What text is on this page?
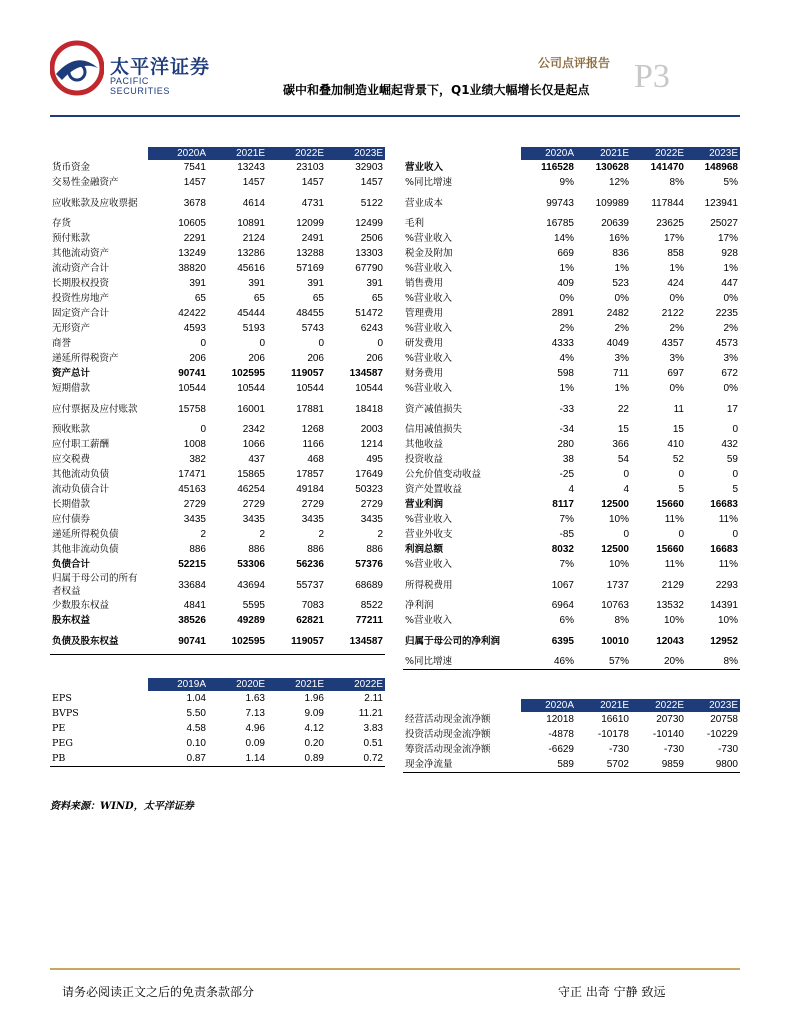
太平洋证券
PACIFIC SECURITIES
公司点评报告 P3
碳中和叠加制造业崛起背景下，Q1业绩大幅增长仅是起点
	2020A	2021E	2022E	2023E
货币资金	7541	13243	23103	32903
交易性金融资产	1457	1457	1457	1457
应收账款及应收票据	3678	4614	4731	5122
存货	10605	10891	12099	12499
预付账款	2291	2124	2491	2506
其他流动资产	13249	13286	13288	13303
流动资产合计	38820	45616	57169	67790
长期股权投资	391	391	391	391
投资性房地产	65	65	65	65
固定资产合计	42422	45444	48455	51472
无形资产	4593	5193	5743	6243
商誉	0	0	0	0
递延所得税资产	206	206	206	206
资产总计	90741	102595	119057	134587
短期借款	10544	10544	10544	10544
应付票据及应付账款	15758	16001	17881	18418
预收账款	0	2342	1268	2003
应付职工薪酬	1008	1066	1166	1214
应交税费	382	437	468	495
其他流动负债	17471	15865	17857	17649
流动负债合计	45163	46254	49184	50323
长期借款	2729	2729	2729	2729
应付债券	3435	3435	3435	3435
递延所得税负债	2	2	2	2
其他非流动负债	886	886	886	886
负债合计	52215	53306	56236	57376
归属于母公司的所有者权益	33684	43694	55737	68689
少数股东权益	4841	5595	7083	8522
股东权益	38526	49289	62821	77211
负债及股东权益	90741	102595	119057	134587
	2019A	2020E	2021E	2022E
EPS	1.04	1.63	1.96	2.11
BVPS	5.50	7.13	9.09	11.21
PE	4.58	4.96	4.12	3.83
PEG	0.10	0.09	0.20	0.51
PB	0.87	1.14	0.89	0.72
	2020A	2021E	2022E	2023E
营业收入	116528	130628	141470	148968
%同比增速	9%	12%	8%	5%
营业成本	99743	109989	117844	123941
毛利	16785	20639	23625	25027
%营业收入	14%	16%	17%	17%
税金及附加	669	836	858	928
%营业收入	1%	1%	1%	1%
销售费用	409	523	424	447
%营业收入	0%	0%	0%	0%
管理费用	2891	2482	2122	2235
%营业收入	2%	2%	2%	2%
研发费用	4333	4049	4357	4573
%营业收入	4%	3%	3%	3%
财务费用	598	711	697	672
%营业收入	1%	1%	0%	0%
资产减值损失	-33	22	11	17
信用减值损失	-34	15	15	0
其他收益	280	366	410	432
投资收益	38	54	52	59
公允价值变动收益	-25	0	0	0
资产处置收益	4	4	5	5
营业利润	8117	12500	15660	16683
%营业收入	7%	10%	11%	11%
营业外收支	-85	0	0	0
利润总额	8032	12500	15660	16683
%营业收入	7%	10%	11%	11%
所得税费用	1067	1737	2129	2293
净利润	6964	10763	13532	14391
%营业收入	6%	8%	10%	10%
归属于母公司的净利润	6395	10010	12043	12952
%同比增速	46%	57%	20%	8%
	2020A	2021E	2022E	2023E
经营活动现金流净额	12018	16610	20730	20758
投资活动现金流净额	-4878	-10178	-10140	-10229
筹资活动现金流净额	-6629	-730	-730	-730
现金净流量	589	5702	9859	9800
资料来源：WIND，太平洋证券
请务必阅读正文之后的免责条款部分	守正 出奇 宁静 致远
